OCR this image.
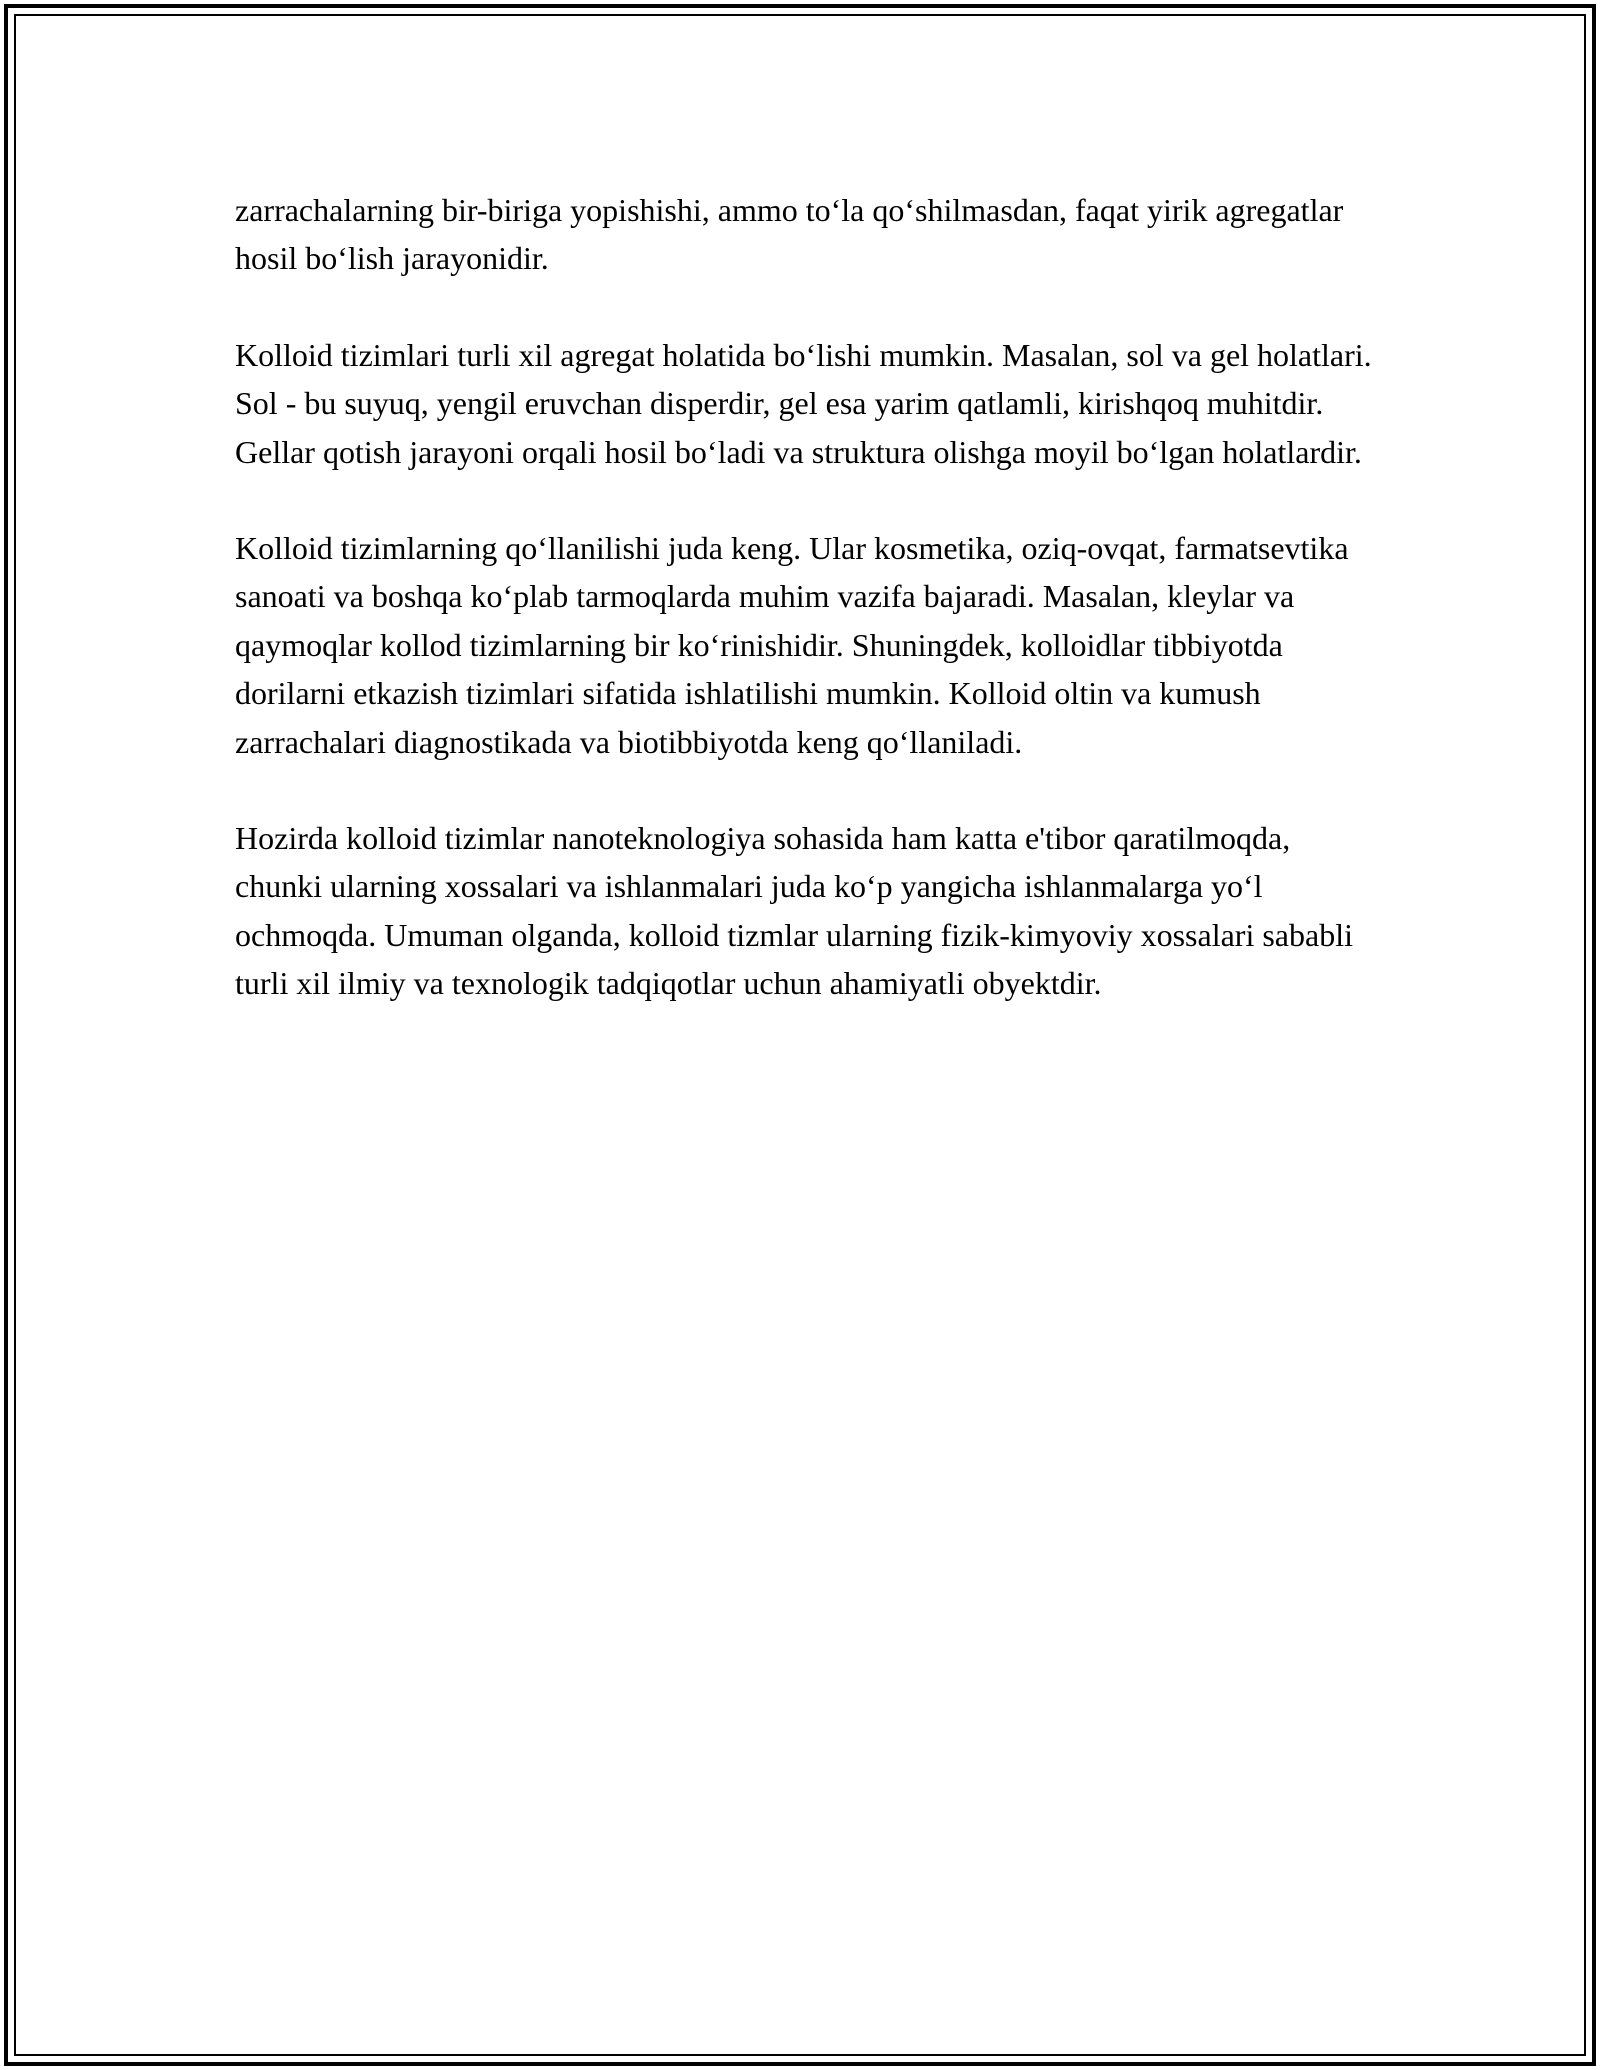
zarrachalarning bir-biriga yopishishi, ammo to‘la qo‘shilmasdan, faqat yirik agregatlar hosil bo‘lish jarayonidir.

Kolloid tizimlari turli xil agregat holatida bo‘lishi mumkin. Masalan, sol va gel holatlari. Sol - bu suyuq, yengil eruvchan disperdir, gel esa yarim qatlamli, kirishqoq muhitdir. Gellar qotish jarayoni orqali hosil bo‘ladi va struktura olishga moyil bo‘lgan holatlardir.

Kolloid tizimlarning qo‘llanilishi juda keng. Ular kosmetika, oziq-ovqat, farmatsevtika sanoati va boshqa ko‘plab tarmoqlarda muhim vazifa bajaradi. Masalan, kleylar va qaymoqlar kollod tizimlarning bir ko‘rinishidir. Shuningdek, kolloidlar tibbiyotda dorilarni etkazish tizimlari sifatida ishlatilishi mumkin. Kolloid oltin va kumush zarrachalari diagnostikada va biotibbiyotda keng qo‘llaniladi.

Hozirda kolloid tizimlar nanoteknologiya sohasida ham katta e'tibor qaratilmoqda, chunki ularning xossalari va ishlanmalari juda ko‘p yangicha ishlanmalarga yo‘l ochmoqda. Umuman olganda, kolloid tizmlar ularning fizik-kimyoviy xossalari sababli turli xil ilmiy va texnologik tadqiqotlar uchun ahamiyatli obyektdir.
